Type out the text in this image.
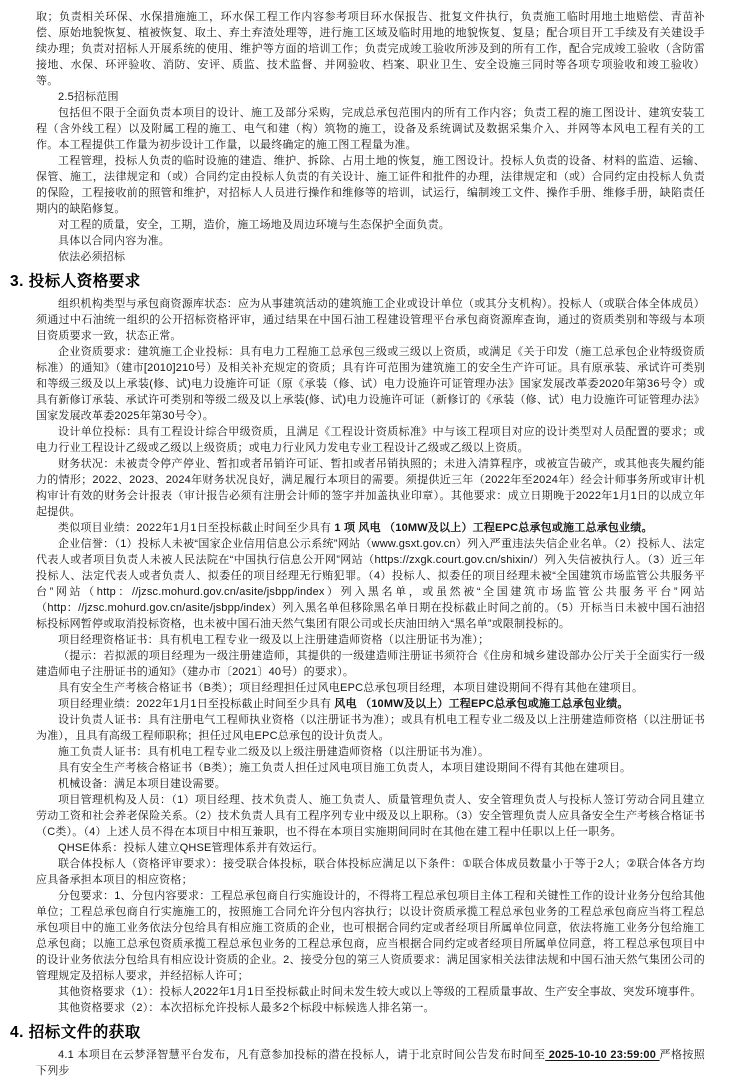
取；负责相关环保、水保措施施工，环水保工程工作内容参考项目环水保报告、批复文件执行，负责施工临时用地土地赔偿、青苗补偿、原始地貌恢复、植被恢复、取土、弃土弃渣处理等，进行施工区域及临时用地的地貌恢复、复垦；配合项目开工手续及有关建设手续办理；负责对招标人开展系统的使用、维护等方面的培训工作；负责完成竣工验收所涉及到的所有工作，配合完成竣工验收（含防雷接地、水保、环评验收、消防、安评、质监、技术监督、并网验收、档案、职业卫生、安全设施三同时等各项专项验收和竣工验收）等。

2.5招标范围

包括但不限于全面负责本项目的设计、施工及部分采购，完成总承包范围内的所有工作内容；负责工程的施工图设计、建筑安装工程（含外线工程）以及附属工程的施工、电气和建（构）筑物的施工，设备及系统调试及数据采集介入、并网等本风电工程有关的工作。本工程提供工作量为初步设计工作量，以最终确定的施工图工程量为准。

工程管理，投标人负责的临时设施的建造、维护、拆除、占用土地的恢复，施工图设计。投标人负责的设备、材料的监造、运输、保管、施工，法律规定和（或）合同约定由投标人负责的有关设计、施工证件和批件的办理，法律规定和（或）合同约定由投标人负责的保险，工程接收前的照管和维护，对招标人人员进行操作和维修等的培训，试运行，编制竣工文件、操作手册、维修手册，缺陷责任期内的缺陷修复。

对工程的质量，安全，工期，造价，施工场地及周边环境与生态保护全面负责。

具体以合同内容为准。

依法必须招标

3. 投标人资格要求

组织机构类型与承包商资源库状态：应为从事建筑活动的建筑施工企业或设计单位（或其分支机构）。投标人（或联合体全体成员）须通过中石油统一组织的公开招标资格评审，通过结果在中国石油工程建设管理平台承包商资源库查询，通过的资质类别和等级与本项目资质要求一致，状态正常。

企业资质要求：建筑施工企业投标：具有电力工程施工总承包三级或三级以上资质，或满足《关于印发（施工总承包企业特级资质标准）的通知》（建市[2010]210号）及相关补充规定的资质；具有许可范围为建筑施工的安全生产许可证。具有原承装、承试许可类别和等级三级及以上承装(修、试)电力设施许可证（原《承装（修、试）电力设施许可证管理办法》国家发展改革委2020年第36号令）或具有新修订承装、承试许可类别和等级二级及以上承装(修、试)电力设施许可证（新修订的《承装（修、试）电力设施许可证管理办法》国家发展改革委2025年第30号令）。

设计单位投标：具有工程设计综合甲级资质，且满足《工程设计资质标准》中与该工程项目对应的设计类型对人员配置的要求；或电力行业工程设计乙级或乙级以上级资质；或电力行业风力发电专业工程设计乙级或乙级以上资质。

财务状况：未被责令停产停业、暂扣或者吊销许可证、暂扣或者吊销执照的；未进入清算程序，或被宣告破产，或其他丧失履约能力的情形；2022、2023、2024年财务状况良好，满足履行本项目的需要。须提供近三年（2022年至2024年）经会计师事务所或审计机构审计有效的财务会计报表（审计报告必须有注册会计师的签字并加盖执业印章）。其他要求：成立日期晚于2022年1月1日的以成立年起提供。

类似项目业绩：2022年1月1日至投标截止时间至少具有 1 项 风电 （10MW及以上）工程EPC总承包或施工总承包业绩。

企业信誉：（1）投标人未被“国家企业信用信息公示系统”网站（www.gsxt.gov.cn）列入严重违法失信企业名单。（2）投标人、法定代表人或者项目负责人未被人民法院在“中国执行信息公开网”网站（https://zxgk.court.gov.cn/shixin/）列入失信被执行人。（3）近三年投标人、法定代表人或者负责人、拟委任的项目经理无行贿犯罪。（4）投标人、拟委任的项目经理未被“全国建筑市场监管公共服务平台”网站（http：//jzsc.mohurd.gov.cn/asite/jsbpp/index）列入黑名单，或虽然被“全国建筑市场监管公共服务平台”网站（http：//jzsc.mohurd.gov.cn/asite/jsbpp/index）列入黑名单但移除黑名单日期在投标截止时间之前的。（5）开标当日未被中国石油招标投标网暂停或取消投标资格，也未被中国石油天然气集团有限公司或长庆油田纳入“黑名单”或限制投标的。

项目经理资格证书：具有机电工程专业一级及以上注册建造师资格（以注册证书为准）；

（提示：若拟派的项目经理为一级注册建造师，其提供的一级建造师注册证书须符合《住房和城乡建设部办公厅关于全面实行一级建造师电子注册证书的通知》（建办市〔2021〕40号）的要求）。

具有安全生产考核合格证书（B类）；项目经理担任过风电EPC总承包项目经理，本项目建设期间不得有其他在建项目。

项目经理业绩：2022年1月1日至投标截止时间至少具有 风电 （10MW及以上）工程EPC总承包或施工总承包业绩。

设计负责人证书：具有注册电气工程师执业资格（以注册证书为准）；或具有机电工程专业二级及以上注册建造师资格（以注册证书为准），且具有高级工程师职称；担任过风电EPC总承包的设计负责人。

施工负责人证书：具有机电工程专业二级及以上级注册建造师资格（以注册证书为准）。

具有安全生产考核合格证书（B类）；施工负责人担任过风电项目施工负责人，本项目建设期间不得有其他在建项目。

机械设备：满足本项目建设需要。

项目管理机构及人员：（1）项目经理、技术负责人、施工负责人、质量管理负责人、安全管理负责人与投标人签订劳动合同且建立劳动工资和社会养老保险关系。（2）技术负责人具有工程序列专业中级及以上职称。（3）安全管理负责人应具备安全生产考核合格证书（C类）。（4）上述人员不得在本项目中相互兼职，也不得在本项目实施期间同时在其他在建工程中任职以上任一职务。

QHSE体系：投标人建立QHSE管理体系并有效运行。

联合体投标人（资格评审要求）：接受联合体投标，联合体投标应满足以下条件：①联合体成员数量小于等于2人；②联合体各方均应具备承担本项目的相应资格；

分包要求：1、分包内容要求：工程总承包商自行实施设计的，不得将工程总承包项目主体工程和关键性工作的设计业务分包给其他单位；工程总承包商自行实施施工的，按照施工合同允许分包内容执行；以设计资质承揽工程总承包业务的工程总承包商应当将工程总承包项目中的施工业务依法分包给具有相应施工资质的企业，也可根据合同约定或者经项目所属单位同意，依法将施工业务分包给施工总承包商；以施工总承包资质承揽工程总承包业务的工程总承包商，应当根据合同约定或者经项目所属单位同意，将工程总承包项目中的设计业务依法分包给具有相应设计资质的企业。2、接受分包的第三人资质要求：满足国家相关法律法规和中国石油天然气集团公司的管理规定及招标人要求，并经招标人许可；

其他资格要求（1）：投标人2022年1月1日至投标截止时间未发生较大或以上等级的工程质量事故、生产安全事故、突发环境事件。

其他资格要求（2）：本次招标允许投标人最多2个标段中标候选人排名第一。

4. 招标文件的获取

4.1 本项目在云梦泽智慧平台发布，凡有意参加投标的潜在投标人，请于北京时间公告发布时间至 2025-10-10 23:59:00 严格按照下列步
